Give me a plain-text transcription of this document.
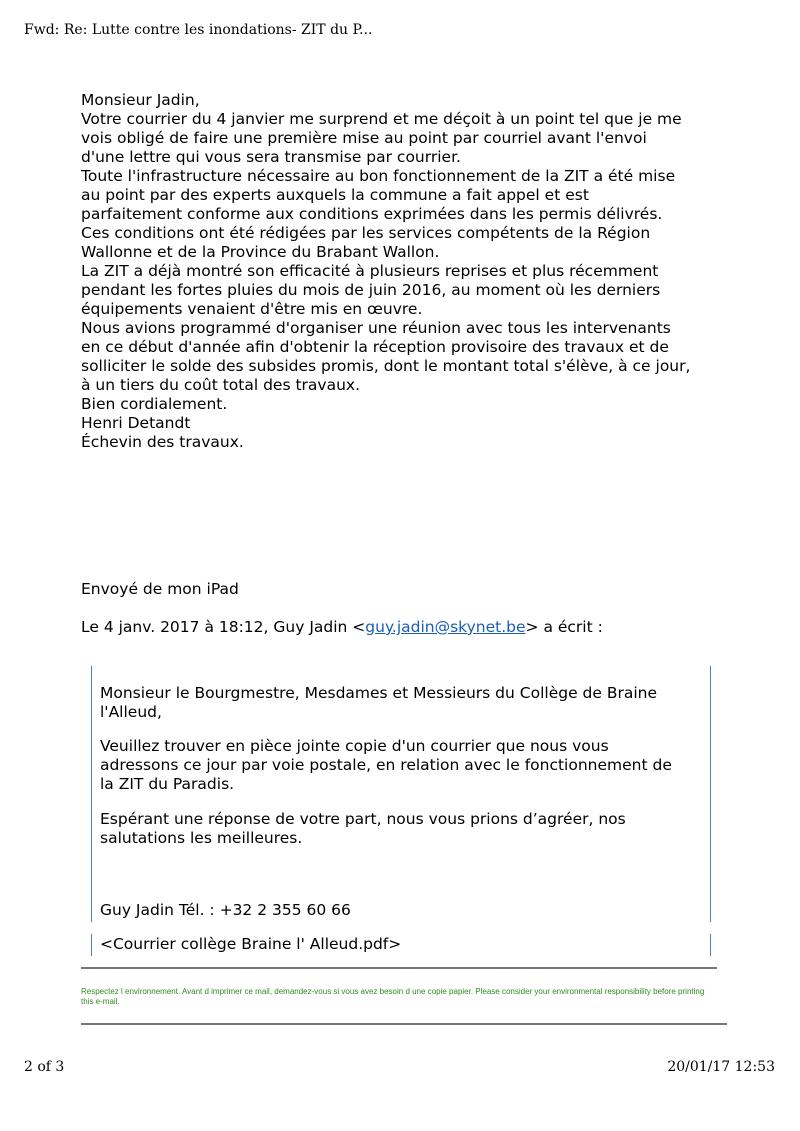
Fwd: Re: Lutte contre les inondations- ZIT du P...
Monsieur Jadin,
Votre courrier du 4 janvier me surprend et me déçoit à un point tel que je me
vois obligé de faire une première mise au point par courriel avant l'envoi
d'une lettre qui vous sera transmise par courrier.
Toute l'infrastructure nécessaire au bon fonctionnement de la ZIT a été mise
au point par des experts auxquels la commune a fait appel et est
parfaitement conforme aux conditions exprimées dans les permis délivrés.
Ces conditions ont été rédigées par les services compétents de la Région
Wallonne et de la Province du Brabant Wallon.
La ZIT a déjà montré son efficacité à plusieurs reprises et plus récemment
pendant les fortes pluies du mois de juin 2016, au moment où les derniers
équipements venaient d'être mis en œuvre.
Nous avions programmé d'organiser une réunion avec tous les intervenants
en ce début d'année afin d'obtenir la réception provisoire des travaux et de
solliciter le solde des subsides promis, dont le montant total s'élève, à ce jour,
à un tiers du coût total des travaux.
Bien cordialement.
Henri Detandt
Échevin des travaux.
Envoyé de mon iPad
Le 4 janv. 2017 à 18:12, Guy Jadin <guy.jadin@skynet.be> a écrit :
Monsieur le Bourgmestre, Mesdames et Messieurs du Collège de Braine
l'Alleud,
Veuillez trouver en pièce jointe copie d'un courrier que nous vous
adressons ce jour par voie postale, en relation avec le fonctionnement de
la ZIT du Paradis.
Espérant une réponse de votre part, nous vous prions d’agréer, nos
salutations les meilleures.
Guy Jadin Tél. : +32 2 355 60 66
<Courrier collège Braine l' Alleud.pdf>
Respectez l environnement. Avant d imprimer ce mail, demandez-vous si vous avez besoin d une copie papier. Please consider your environmental responsibility before printing this e-mail.
2 of 3	20/01/17 12:53
